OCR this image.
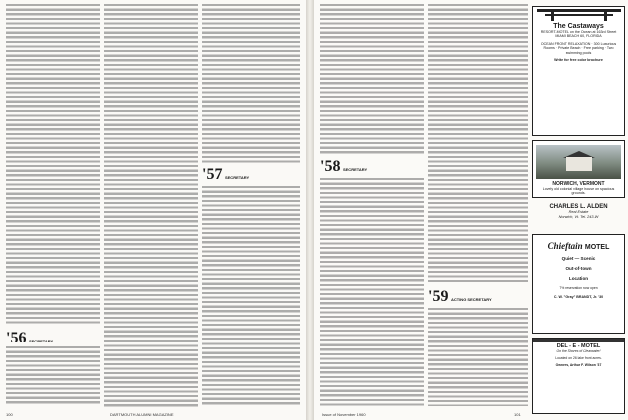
'56 SECRETARY
'57 SECRETARY
100	DARTMOUTH ALUMNI MAGAZINE
'58 SECRETARY
'59 ACTING SECRETARY
Issue of November 1960	101
The Castaways
RESORT-MOTEL on the Ocean at 163rd Street MIAMI BEACH 60, FLORIDA
OCEAN FRONT RELAXATION · 300 Luxurious Rooms · Private Beach · Free parking · Two swimming pools
Write for free color brochure
NORWICH, VERMONT
Lovely old colonial village house on spacious grounds.
CHARLES L. ALDEN
Real Estate
Norwich, Vt. Tel. 243-W
Chieftain MOTEL
Quiet — Scenic
Out-of-town
Location
7% reservation now open
C. W. "Gray" BRANDT, Jr. '30
DEL - E - MOTEL
On the Shores of Clearwater!
Located on 26 lake front acres.
Owners, Arthur F. Wilson '37
